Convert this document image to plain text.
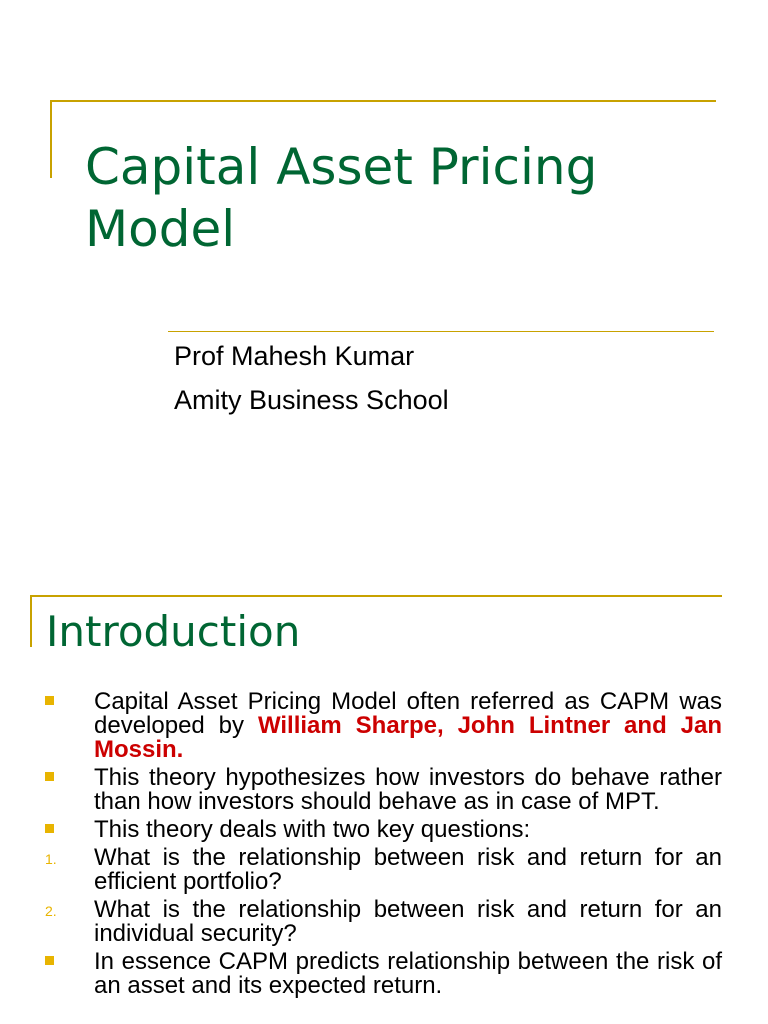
Capital Asset Pricing Model
Prof Mahesh Kumar
Amity Business School
Introduction
Capital Asset Pricing Model often referred as CAPM was developed by William Sharpe, John Lintner and Jan Mossin.
This theory hypothesizes how investors do behave rather than how investors should behave as in case of MPT.
This theory deals with two key questions:
1. What is the relationship between risk and return for an efficient portfolio?
2. What is the relationship between risk and return for an individual security?
In essence CAPM predicts relationship between the risk of an asset and its expected return.
